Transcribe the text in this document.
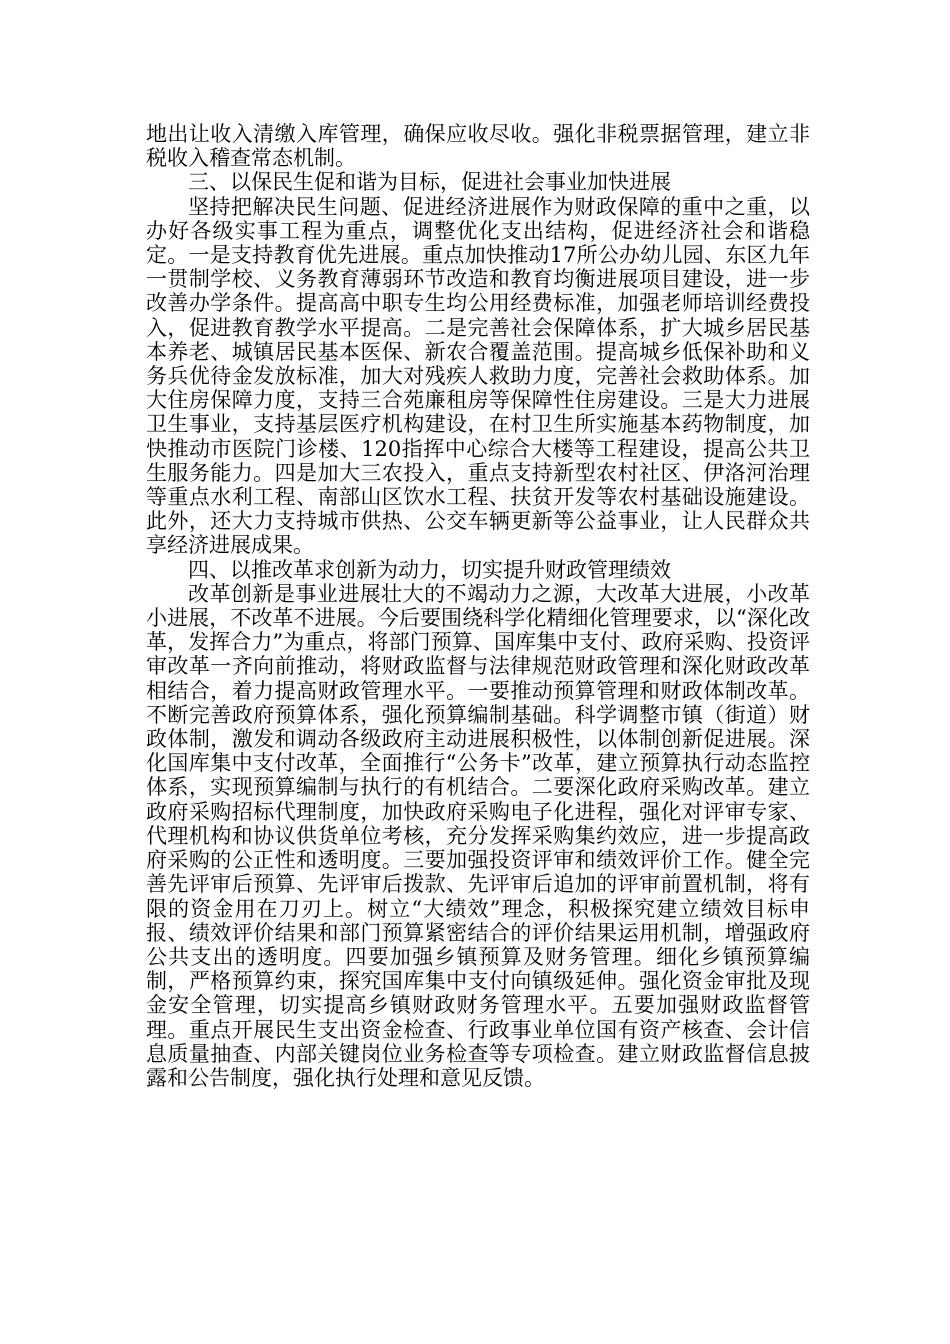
地出让收入清缴入库管理，确保应收尽收。强化非税票据管理，建立非税收入稽查常态机制。

三、以保民生促和谐为目标，促进社会事业加快进展

坚持把解决民生问题、促进经济进展作为财政保障的重中之重，以办好各级实事工程为重点，调整优化支出结构，促进经济社会和谐稳定。一是支持教育优先进展。重点加快推动17所公办幼儿园、东区九年一贯制学校、义务教育薄弱环节改造和教育均衡进展项目建设，进一步改善办学条件。提高高中职专生均公用经费标准，加强老师培训经费投入，促进教育教学水平提高。二是完善社会保障体系，扩大城乡居民基本养老、城镇居民基本医保、新农合覆盖范围。提高城乡低保补助和义务兵优待金发放标准，加大对残疾人救助力度，完善社会救助体系。加大住房保障力度，支持三合苑廉租房等保障性住房建设。三是大力进展卫生事业，支持基层医疗机构建设，在村卫生所实施基本药物制度，加快推动市医院门诊楼、120指挥中心综合大楼等工程建设，提高公共卫生服务能力。四是加大三农投入，重点支持新型农村社区、伊洛河治理等重点水利工程、南部山区饮水工程、扶贫开发等农村基础设施建设。此外，还大力支持城市供热、公交车辆更新等公益事业，让人民群众共享经济进展成果。

四、以推改革求创新为动力，切实提升财政管理绩效

改革创新是事业进展壮大的不竭动力之源，大改革大进展，小改革小进展，不改革不进展。今后要围绕科学化精细化管理要求，以“深化改革，发挥合力”为重点，将部门预算、国库集中支付、政府采购、投资评审改革一齐向前推动，将财政监督与法律规范财政管理和深化财政改革相结合，着力提高财政管理水平。一要推动预算管理和财政体制改革。不断完善政府预算体系，强化预算编制基础。科学调整市镇（街道）财政体制，激发和调动各级政府主动进展积极性，以体制创新促进展。深化国库集中支付改革，全面推行“公务卡”改革，建立预算执行动态监控体系，实现预算编制与执行的有机结合。二要深化政府采购改革。建立政府采购招标代理制度，加快政府采购电子化进程，强化对评审专家、代理机构和协议供货单位考核，充分发挥采购集约效应，进一步提高政府采购的公正性和透明度。三要加强投资评审和绩效评价工作。健全完善先评审后预算、先评审后拨款、先评审后追加的评审前置机制，将有限的资金用在刀刃上。树立“大绩效”理念，积极探究建立绩效目标申报、绩效评价结果和部门预算紧密结合的评价结果运用机制，增强政府公共支出的透明度。四要加强乡镇预算及财务管理。细化乡镇预算编制，严格预算约束，探究国库集中支付向镇级延伸。强化资金审批及现金安全管理，切实提高乡镇财政财务管理水平。五要加强财政监督管理。重点开展民生支出资金检查、行政事业单位国有资产核查、会计信息质量抽查、内部关键岗位业务检查等专项检查。建立财政监督信息披露和公告制度，强化执行处理和意见反馈。
